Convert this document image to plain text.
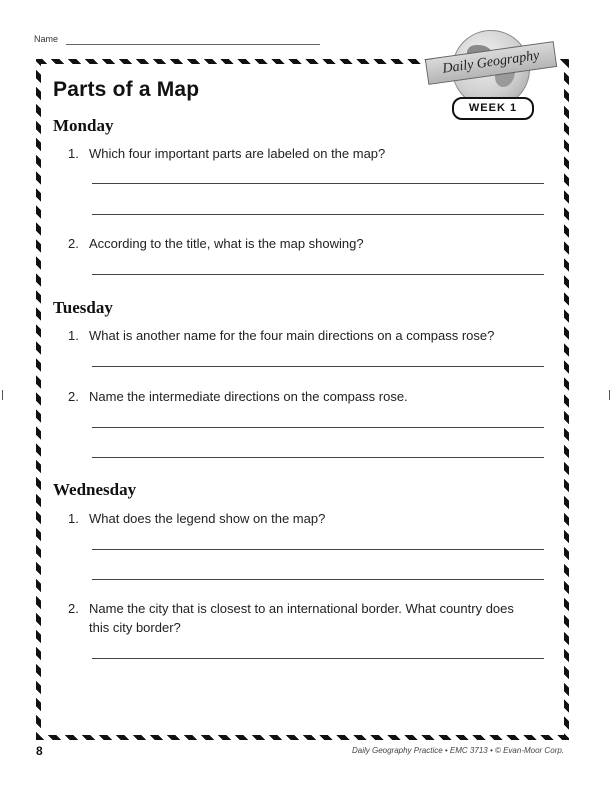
Name
Daily Geography
WEEK 1
Parts of a Map
Monday
1. Which four important parts are labeled on the map?
2. According to the title, what is the map showing?
Tuesday
1. What is another name for the four main directions on a compass rose?
2. Name the intermediate directions on the compass rose.
Wednesday
1. What does the legend show on the map?
2. Name the city that is closest to an international border. What country does this city border?
8	Daily Geography Practice • EMC 3713 • © Evan-Moor Corp.
